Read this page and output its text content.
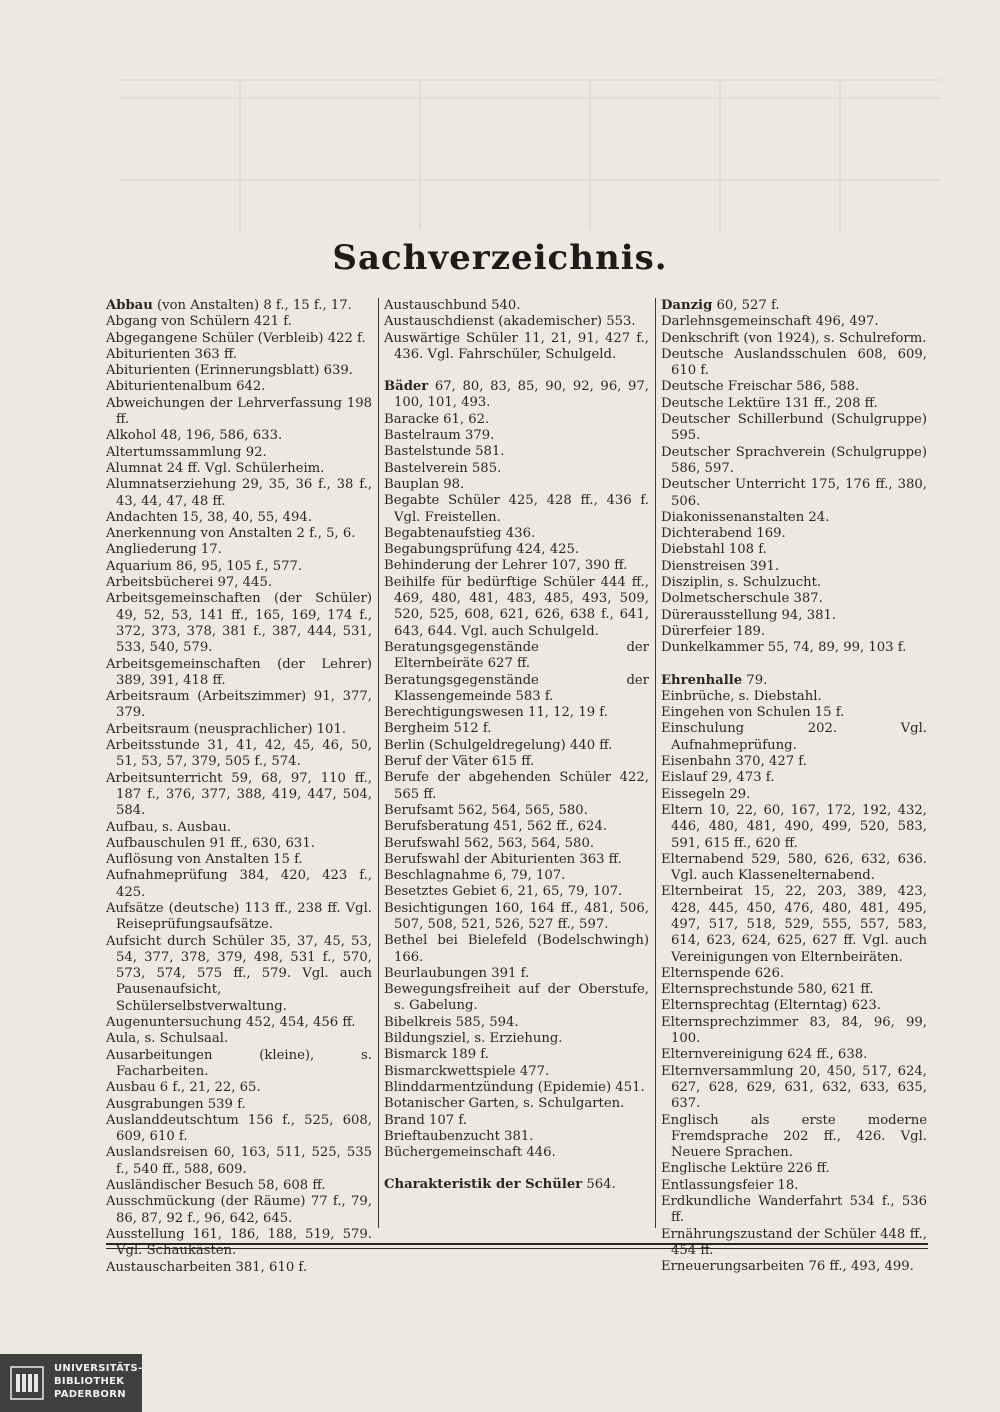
Sachverzeichnis.

Abbau (von Anstalten) 8 f., 15 f., 17.

Abgang von Schülern 421 f.

Abgegangene Schüler (Verbleib) 422 f.

Abiturienten 363 ff.

Abiturienten (Erinnerungsblatt) 639.

Abiturientenalbum 642.

Abweichungen der Lehrverfassung 198 ff.

Alkohol 48, 196, 586, 633.

Altertumssammlung 92.

Alumnat 24 ff. Vgl. Schülerheim.

Alumnatserziehung 29, 35, 36 f., 38 f., 43, 44, 47, 48 ff.

Andachten 15, 38, 40, 55, 494.

Anerkennung von Anstalten 2 f., 5, 6.

Angliederung 17.

Aquarium 86, 95, 105 f., 577.

Arbeitsbücherei 97, 445.

Arbeitsgemeinschaften (der Schüler) 49, 52, 53, 141 ff., 165, 169, 174 f., 372, 373, 378, 381 f., 387, 444, 531, 533, 540, 579.

Arbeitsgemeinschaften (der Lehrer) 389, 391, 418 ff.

Arbeitsraum (Arbeitszimmer) 91, 377, 379.

Arbeitsraum (neusprachlicher) 101.

Arbeitsstunde 31, 41, 42, 45, 46, 50, 51, 53, 57, 379, 505 f., 574.

Arbeitsunterricht 59, 68, 97, 110 ff., 187 f., 376, 377, 388, 419, 447, 504, 584.

Aufbau, s. Ausbau.

Aufbauschulen 91 ff., 630, 631.

Auflösung von Anstalten 15 f.

Aufnahmeprüfung 384, 420, 423 f., 425.

Aufsätze (deutsche) 113 ff., 238 ff. Vgl. Reiseprüfungsaufsätze.

Aufsicht durch Schüler 35, 37, 45, 53, 54, 377, 378, 379, 498, 531 f., 570, 573, 574, 575 ff., 579. Vgl. auch Pausenaufsicht, Schülerselbstverwaltung.

Augenuntersuchung 452, 454, 456 ff.

Aula, s. Schulsaal.

Ausarbeitungen (kleine), s. Facharbeiten.

Ausbau 6 f., 21, 22, 65.

Ausgrabungen 539 f.

Auslanddeutschtum 156 f., 525, 608, 609, 610 f.

Auslandsreisen 60, 163, 511, 525, 535 f., 540 ff., 588, 609.

Ausländischer Besuch 58, 608 ff.

Ausschmückung (der Räume) 77 f., 79, 86, 87, 92 f., 96, 642, 645.

Ausstellung 161, 186, 188, 519, 579. Vgl. Schaukästen.

Austauscharbeiten 381, 610 f.

Austauschbund 540.

Austauschdienst (akademischer) 553.

Auswärtige Schüler 11, 21, 91, 427 f., 436. Vgl. Fahrschüler, Schulgeld.

Bäder 67, 80, 83, 85, 90, 92, 96, 97, 100, 101, 493.

Baracke 61, 62.

Bastelraum 379.

Bastelstunde 581.

Bastelverein 585.

Bauplan 98.

Begabte Schüler 425, 428 ff., 436 f. Vgl. Freistellen.

Begabtenaufstieg 436.

Begabungsprüfung 424, 425.

Behinderung der Lehrer 107, 390 ff.

Beihilfe für bedürftige Schüler 444 ff., 469, 480, 481, 483, 485, 493, 509, 520, 525, 608, 621, 626, 638 f., 641, 643, 644. Vgl. auch Schulgeld.

Beratungsgegenstände der Elternbeiräte 627 ff.

Beratungsgegenstände der Klassengemeinde 583 f.

Berechtigungswesen 11, 12, 19 f.

Bergheim 512 f.

Berlin (Schulgeldregelung) 440 ff.

Beruf der Väter 615 ff.

Berufe der abgehenden Schüler 422, 565 ff.

Berufsamt 562, 564, 565, 580.

Berufsberatung 451, 562 ff., 624.

Berufswahl 562, 563, 564, 580.

Berufswahl der Abiturienten 363 ff.

Beschlagnahme 6, 79, 107.

Besetztes Gebiet 6, 21, 65, 79, 107.

Besichtigungen 160, 164 ff., 481, 506, 507, 508, 521, 526, 527 ff., 597.

Bethel bei Bielefeld (Bodelschwingh) 166.

Beurlaubungen 391 f.

Bewegungsfreiheit auf der Oberstufe, s. Gabelung.

Bibelkreis 585, 594.

Bildungsziel, s. Erziehung.

Bismarck 189 f.

Bismarckwettspiele 477.

Blinddarmentzündung (Epidemie) 451.

Botanischer Garten, s. Schulgarten.

Brand 107 f.

Brieftaubenzucht 381.

Büchergemeinschaft 446.

Charakteristik der Schüler 564.

Danzig 60, 527 f.

Darlehnsgemeinschaft 496, 497.

Denkschrift (von 1924), s. Schulreform.

Deutsche Auslandsschulen 608, 609, 610 f.

Deutsche Freischar 586, 588.

Deutsche Lektüre 131 ff., 208 ff.

Deutscher Schillerbund (Schulgruppe) 595.

Deutscher Sprachverein (Schulgruppe) 586, 597.

Deutscher Unterricht 175, 176 ff., 380, 506.

Diakonissenanstalten 24.

Dichterabend 169.

Diebstahl 108 f.

Dienstreisen 391.

Disziplin, s. Schulzucht.

Dolmetscherschule 387.

Dürerausstellung 94, 381.

Dürerfeier 189.

Dunkelkammer 55, 74, 89, 99, 103 f.

Ehrenhalle 79.

Einbrüche, s. Diebstahl.

Eingehen von Schulen 15 f.

Einschulung 202. Vgl. Aufnahmeprüfung.

Eisenbahn 370, 427 f.

Eislauf 29, 473 f.

Eissegeln 29.

Eltern 10, 22, 60, 167, 172, 192, 432, 446, 480, 481, 490, 499, 520, 583, 591, 615 ff., 620 ff.

Elternabend 529, 580, 626, 632, 636. Vgl. auch Klassenelternabend.

Elternbeirat 15, 22, 203, 389, 423, 428, 445, 450, 476, 480, 481, 495, 497, 517, 518, 529, 555, 557, 583, 614, 623, 624, 625, 627 ff. Vgl. auch Vereinigungen von Elternbeiräten.

Elternspende 626.

Elternsprechstunde 580, 621 ff.

Elternsprechtag (Elterntag) 623.

Elternsprechzimmer 83, 84, 96, 99, 100.

Elternvereinigung 624 ff., 638.

Elternversammlung 20, 450, 517, 624, 627, 628, 629, 631, 632, 633, 635, 637.

Englisch als erste moderne Fremdsprache 202 ff., 426. Vgl. Neuere Sprachen.

Englische Lektüre 226 ff.

Entlassungsfeier 18.

Erdkundliche Wanderfahrt 534 f., 536 ff.

Ernährungszustand der Schüler 448 ff., 454 ff.

Erneuerungsarbeiten 76 ff., 493, 499.

UNIVERSITÄTS-
BIBLIOTHEK
PADERBORN
